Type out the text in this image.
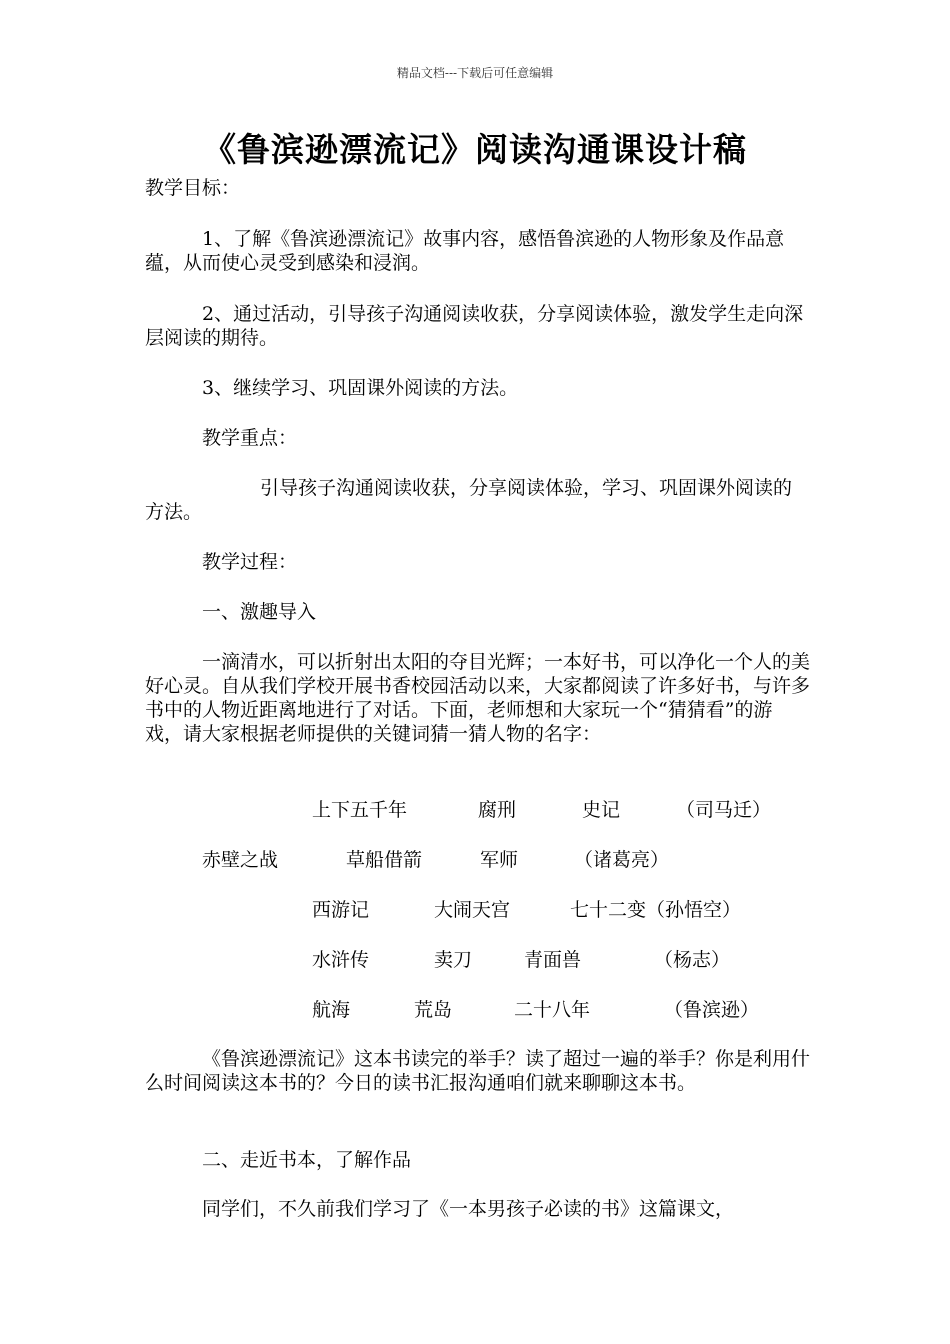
精品文档---下载后可任意编辑
《鲁滨逊漂流记》阅读沟通课设计稿

教学目标：

1、了解《鲁滨逊漂流记》故事内容，感悟鲁滨逊的人物形象及作品意蕴，从而使心灵受到感染和浸润。

2、通过活动，引导孩子沟通阅读收获，分享阅读体验，激发学生走向深层阅读的期待。

3、继续学习、巩固课外阅读的方法。

教学重点：

引导孩子沟通阅读收获，分享阅读体验，学习、巩固课外阅读的方法。

教学过程：

一、激趣导入

一滴清水，可以折射出太阳的夺目光辉；一本好书，可以净化一个人的美好心灵。自从我们学校开展书香校园活动以来，大家都阅读了许多好书，与许多书中的人物近距离地进行了对话。下面，老师想和大家玩一个“猜猜看”的游戏，请大家根据老师提供的关键词猜一猜人物的名字：

上下五千年	腐刑	史记	（司马迁）
赤壁之战	草船借箭	军师	（诸葛亮）
西游记	大闹天宫	七十二变 （孙悟空）
水浒传	卖刀	青面兽	（杨志）
航海	荒岛	二十八年	（鲁滨逊）

《鲁滨逊漂流记》这本书读完的举手？读了超过一遍的举手？你是利用什么时间阅读这本书的？今日的读书汇报沟通咱们就来聊聊这本书。

二、走近书本，了解作品

同学们，不久前我们学习了《一本男孩子必读的书》这篇课文，
